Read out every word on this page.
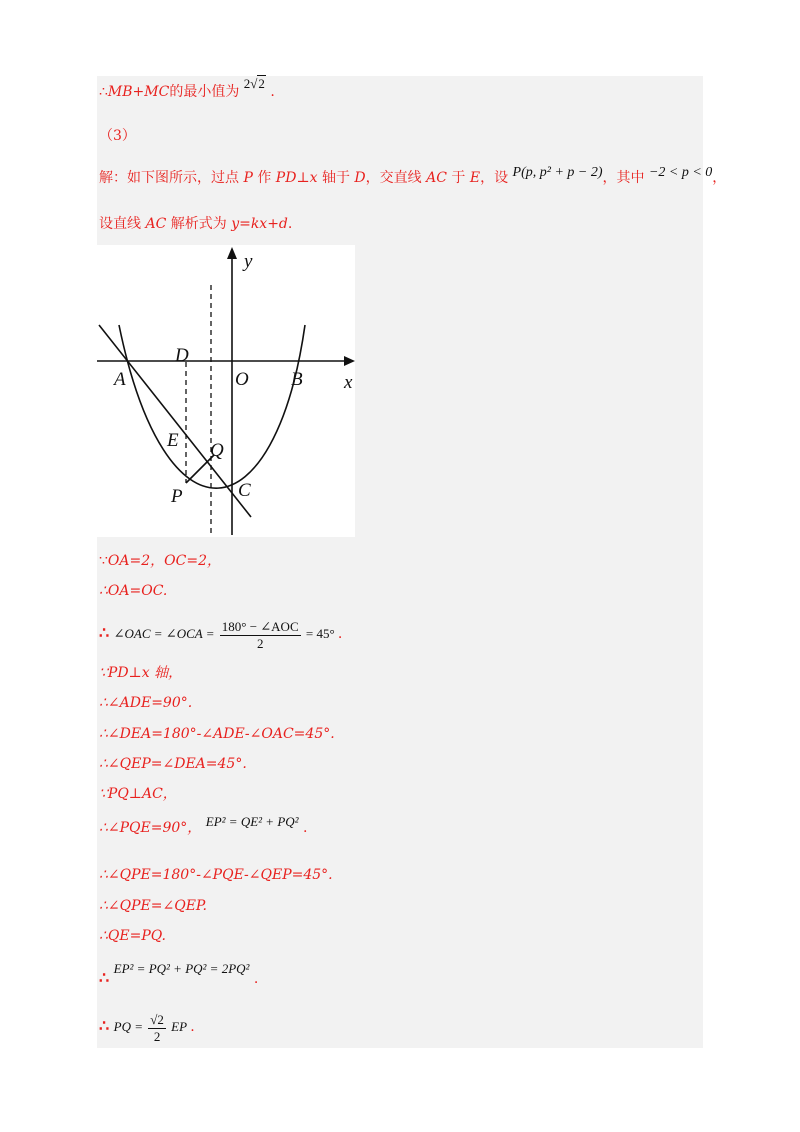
∴MB+MC的最小值为 2√2 .
（3）
解：如下图所示，过点 P 作 PD⊥x 轴于 D，交直线 AC 于 E，设 P(p, p² + p − 2)，其中 −2 < p < 0，
设直线 AC 解析式为 y=kx+d.
y
x
A	O B
D
E Q
P	C
∵OA=2，OC=2，
∴OA=OC.
∴ ∠OAC = ∠OCA = $\frac{\text{180° − ∠AOC}}{2} = 45^\circ$ .
∵PD⊥x 轴，
∴∠ADE=90°.
∴∠DEA=180°-∠ADE-∠OAC=45°.
∴∠QEP=∠DEA=45°.
∵PQ⊥AC，
∴∠PQE=90°， EP² = QE² + PQ² .
∴∠QPE=180°-∠PQE-∠QEP=45°.
∴∠QPE=∠QEP.
∴QE=PQ.
∴ EP² = PQ² + PQ² = 2PQ² .
∴ PQ = $\frac{√2}{2}$ EP .
